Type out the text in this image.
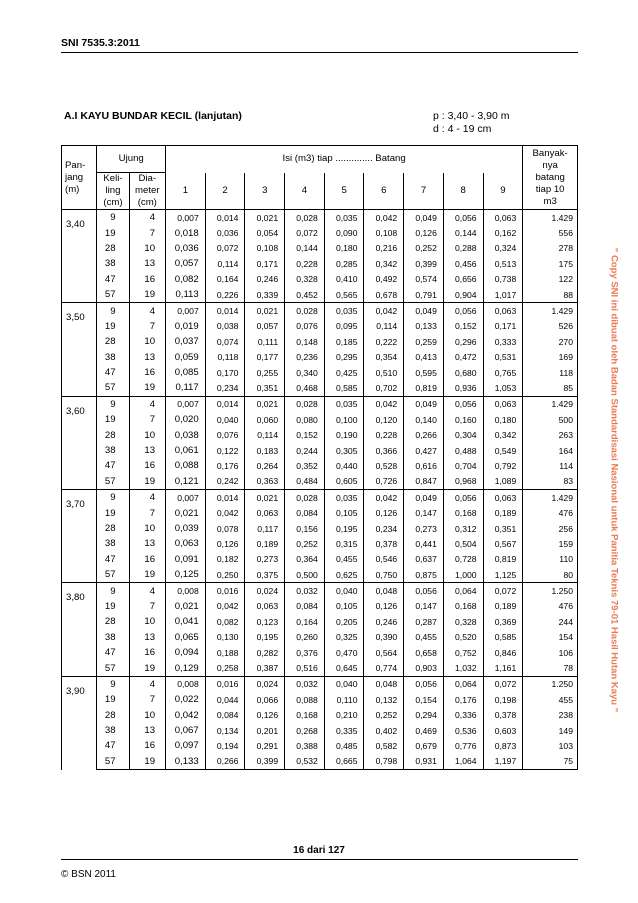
SNI 7535.3:2011
A.I KAYU BUNDAR KECIL (lanjutan)	p : 3,40 - 3,90 m
d : 4 - 19 cm
" Copy SNI ini dibuat oleh Badan Standardisasi Nasional untuk Panitia Teknis 79-01 Hasil Hutan Kayu "
Pan-
jang
(m)	Ujung		Isi (m3) tiap .............. Batang									Banyak-
nya
batang
tiap 10
m3
	Keli-
ling
(cm)	Dia-
meter
(cm)	1	2	3	4	5	6	7	8	9	
3,40	9	4	0,007	0,014	0,021	0,028	0,035	0,042	0,049	0,056	0,063	1.429
	19	7	0,018	0,036	0,054	0,072	0,090	0,108	0,126	0,144	0,162	556
	28	10	0,036	0,072	0,108	0,144	0,180	0,216	0,252	0,288	0,324	278
	38	13	0,057	0,114	0,171	0,228	0,285	0,342	0,399	0,456	0,513	175
	47	16	0,082	0,164	0,246	0,328	0,410	0,492	0,574	0,656	0,738	122
	57	19	0,113	0,226	0,339	0,452	0,565	0,678	0,791	0,904	1,017	88
3,50	9	4	0,007	0,014	0,021	0,028	0,035	0,042	0,049	0,056	0,063	1.429
	19	7	0,019	0,038	0,057	0,076	0,095	0,114	0,133	0,152	0,171	526
	28	10	0,037	0,074	0,111	0,148	0,185	0,222	0,259	0,296	0,333	270
	38	13	0,059	0,118	0,177	0,236	0,295	0,354	0,413	0,472	0,531	169
	47	16	0,085	0,170	0,255	0,340	0,425	0,510	0,595	0,680	0,765	118
	57	19	0,117	0,234	0,351	0,468	0,585	0,702	0,819	0,936	1,053	85
3,60	9	4	0,007	0,014	0,021	0,028	0,035	0,042	0,049	0,056	0,063	1.429
	19	7	0,020	0,040	0,060	0,080	0,100	0,120	0,140	0,160	0,180	500
	28	10	0,038	0,076	0,114	0,152	0,190	0,228	0,266	0,304	0,342	263
	38	13	0,061	0,122	0,183	0,244	0,305	0,366	0,427	0,488	0,549	164
	47	16	0,088	0,176	0,264	0,352	0,440	0,528	0,616	0,704	0,792	114
	57	19	0,121	0,242	0,363	0,484	0,605	0,726	0,847	0,968	1,089	83
3,70	9	4	0,007	0,014	0,021	0,028	0,035	0,042	0,049	0,056	0,063	1.429
	19	7	0,021	0,042	0,063	0,084	0,105	0,126	0,147	0,168	0,189	476
	28	10	0,039	0,078	0,117	0,156	0,195	0,234	0,273	0,312	0,351	256
	38	13	0,063	0,126	0,189	0,252	0,315	0,378	0,441	0,504	0,567	159
	47	16	0,091	0,182	0,273	0,364	0,455	0,546	0,637	0,728	0,819	110
	57	19	0,125	0,250	0,375	0,500	0,625	0,750	0,875	1,000	1,125	80
3,80	9	4	0,008	0,016	0,024	0,032	0,040	0,048	0,056	0,064	0,072	1.250
	19	7	0,021	0,042	0,063	0,084	0,105	0,126	0,147	0,168	0,189	476
	28	10	0,041	0,082	0,123	0,164	0,205	0,246	0,287	0,328	0,369	244
	38	13	0,065	0,130	0,195	0,260	0,325	0,390	0,455	0,520	0,585	154
	47	16	0,094	0,188	0,282	0,376	0,470	0,564	0,658	0,752	0,846	106
	57	19	0,129	0,258	0,387	0,516	0,645	0,774	0,903	1,032	1,161	78
3,90	9	4	0,008	0,016	0,024	0,032	0,040	0,048	0,056	0,064	0,072	1.250
	19	7	0,022	0,044	0,066	0,088	0,110	0,132	0,154	0,176	0,198	455
	28	10	0,042	0,084	0,126	0,168	0,210	0,252	0,294	0,336	0,378	238
	38	13	0,067	0,134	0,201	0,268	0,335	0,402	0,469	0,536	0,603	149
	47	16	0,097	0,194	0,291	0,388	0,485	0,582	0,679	0,776	0,873	103
	57	19	0,133	0,266	0,399	0,532	0,665	0,798	0,931	1,064	1,197	75
16 dari 127
© BSN 2011
